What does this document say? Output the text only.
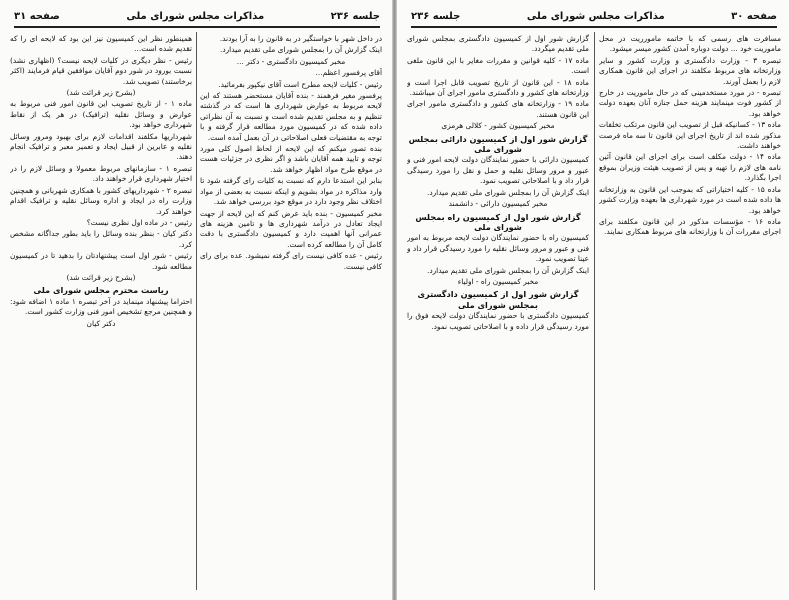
جلسه ۲۳۶
مذاکرات مجلس شورای ملی
صفحه ۳۱

در داخل شهر با خواستگیر در به قانون را به آرا بودند.

اینک گزارش آن را بمجلس شورای ملی تقدیم میدارد.

مخبر کمیسیون دادگستری - دکتر ...

آقای پرفسور اعظم...

رئیس - کلیات لایحه مطرح است آقای نیکپور بفرمائید.

پرفسور مغیر فرهمند - بنده آقایان مستحضر هستند که این لایحه مربوط به عوارض شهرداری ها است که در گذشته تنظیم و به مجلس تقدیم شده است و نسبت به آن نظراتی داده شده که در کمیسیون مورد مطالعه قرار گرفته و با توجه به مقتضیات فعلی اصلاحاتی در آن بعمل آمده است.

بنده تصور میکنم که این لایحه از لحاظ اصول کلی مورد توجه و تایید همه آقایان باشد و اگر نظری در جزئیات هست در موقع طرح مواد اظهار خواهد شد.

بنابر این استدعا دارم که نسبت به کلیات رای گرفته شود تا وارد مذاکره در مواد بشویم و اینکه نسبت به بعضی از مواد اختلاف نظر وجود دارد در موقع خود بررسی خواهد شد.

مخبر کمیسیون - بنده باید عرض کنم که این لایحه از جهت ایجاد تعادل در درآمد شهرداری ها و تامین هزینه های عمرانی آنها اهمیت دارد و کمیسیون دادگستری با دقت کامل آن را مطالعه کرده است.

رئیس - عده کافی نیست رای گرفته نمیشود. عده برای رای کافی نیست.

همینطور نظر این کمیسیون نیز این بود که لایحه ای را که تقدیم شده است...

رئیس - نظر دیگری در کلیات لایحه نیست؟ (اظهاری نشد) نسبت بورود در شور دوم آقایان موافقین قیام فرمایند (اکثر برخاستند) تصویب شد.

(بشرح زیر قرائت شد)

ماده ۱ - از تاریخ تصویب این قانون امور فنی مربوط به عوارض و وسائل نقلیه (ترافیک) در هر یک از نقاط شهرداری خواهد بود.

شهرداریها مکلفند اقدامات لازم برای بهبود ومرور وسائل نقلیه و عابرین از قبیل ایجاد و تعمیر معبر و ترافیک انجام دهند.

تبصره ۱ - سازمانهای مربوط معمولا و وسائل لازم را در اختیار شهرداری قرار خواهند داد.

تبصره ۲ - شهرداریهای کشور با همکاری شهربانی و همچنین وزارت راه در ایجاد و اداره وسائل نقلیه و ترافیک اقدام خواهند کرد.

رئیس - در ماده اول نظری نیست؟

دکتر کیان - بنظر بنده وسائل را باید بطور جداگانه مشخص کرد.

رئیس - شور اول است پیشنهادتان را بدهید تا در کمیسیون مطالعه شود.

(بشرح زیر قرائت شد)

ریاست محترم مجلس شورای ملی

احتراما پیشنهاد مینماید در آخر تبصره ۱ ماده ۱ اضافه شود: و همچنین مرجع تشخیص امور فنی وزارت کشور است.

دکتر کیان

صفحه ۳۰
مذاکرات مجلس شورای ملی
جلسه ۲۳۶

مسافرت های رسمی که با خاتمه مامورریت در محل ماموریت خود ... دولت دوباره آمدن کشور میسر میشود.

تبصره ۳ - وزارت دادگستری و وزارت کشور و سایر وزارتخانه های مربوط مکلفند در اجرای این قانون همکاری لازم را بعمل آورند.

تبصره - در مورد مستخدمینی که در حال ماموریت در خارج از کشور فوت مینمایند هزینه حمل جنازه آنان بعهده دولت خواهد بود.

ماده ۱۳ - کسانیکه قبل از تصویب این قانون مرتکب تخلفات مذکور شده اند از تاریخ اجرای این قانون تا سه ماه فرصت خواهند داشت.

ماده ۱۴ - دولت مکلف است برای اجرای این قانون آئین نامه های لازم را تهیه و پس از تصویب هیئت وزیران بموقع اجرا بگذارد.

ماده ۱۵ - کلیه اختیاراتی که بموجب این قانون به وزارتخانه ها داده شده است در مورد شهرداری ها بعهده وزارت کشور خواهد بود.

ماده ۱۶ - مؤسسات مذکور در این قانون مکلفند برای اجرای مقررات آن با وزارتخانه های مربوط همکاری نمایند.

گزارش شور اول از کمیسیون دادگستری بمجلس شورای ملی تقدیم میگردد.

ماده ۱۷ - کلیه قوانین و مقررات مغایر با این قانون ملغی است.

ماده ۱۸ - این قانون از تاریخ تصویب قابل اجرا است و وزارتخانه های کشور و دادگستری مامور اجرای آن میباشند.

ماده ۱۹ - وزارتخانه های کشور و دادگستری مامور اجرای این قانون هستند.

مخبر کمیسیون کشور - کلالی هرمزی

گزارش شور اول از کمیسیون دارائی بمجلس شورای ملی

کمیسیون دارائی با حضور نمایندگان دولت لایحه امور فنی و عبور و مرور وسائل نقلیه و حمل و نقل را مورد رسیدگی قرار داد و با اصلاحاتی تصویب نمود.

اینک گزارش آن را بمجلس شورای ملی تقدیم میدارد.

مخبر کمیسیون دارائی - دانشمند

گزارش شور اول از کمیسیون راه بمجلس شورای ملی

کمیسیون راه با حضور نمایندگان دولت لایحه مربوط به امور فنی و عبور و مرور وسائل نقلیه را مورد رسیدگی قرار داد و عینا تصویب نمود.

اینک گزارش آن را بمجلس شورای ملی تقدیم میدارد.

مخبر کمیسیون راه - اولیاء

گزارش شور اول از کمیسیون دادگستری بمجلس شورای ملی

کمیسیون دادگستری با حضور نمایندگان دولت لایحه فوق را مورد رسیدگی قرار داده و با اصلاحاتی تصویب نمود.
